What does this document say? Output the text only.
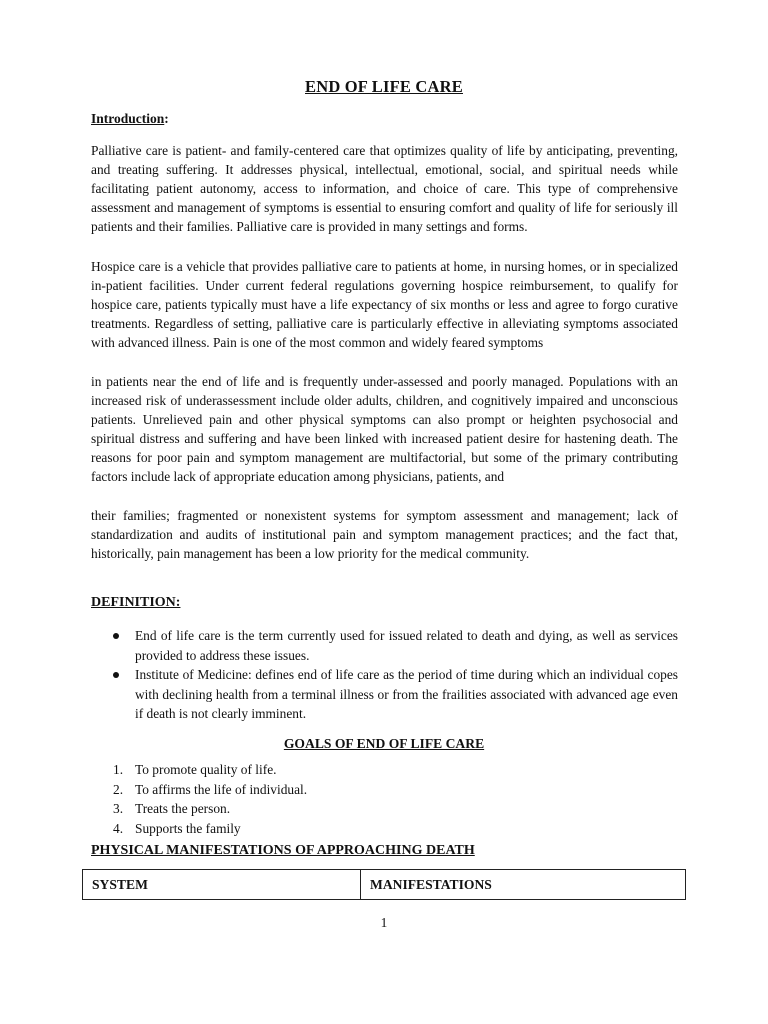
END OF LIFE CARE
Introduction:

Palliative care is patient- and family-centered care that optimizes quality of life by anticipating, preventing, and treating suffering. It addresses physical, intellectual, emotional, social, and spiritual needs while facilitating patient autonomy, access to information, and choice of care. This type of comprehensive assessment and management of symptoms is essential to ensuring comfort and quality of life for seriously ill patients and their families. Palliative care is provided in many settings and forms.

Hospice care is a vehicle that provides palliative care to patients at home, in nursing homes, or in specialized in-patient facilities. Under current federal regulations governing hospice reimbursement, to qualify for hospice care, patients typically must have a life expectancy of six months or less and agree to forgo curative treatments. Regardless of setting, palliative care is particularly effective in alleviating symptoms associated with advanced illness. Pain is one of the most common and widely feared symptoms

in patients near the end of life and is frequently under-assessed and poorly managed. Populations with an increased risk of underassessment include older adults, children, and cognitively impaired and unconscious patients. Unrelieved pain and other physical symptoms can also prompt or heighten psychosocial and spiritual distress and suffering and have been linked with increased patient desire for hastening death. The reasons for poor pain and symptom management are multifactorial, but some of the primary contributing factors include lack of appropriate education among physicians, patients, and

their families; fragmented or nonexistent systems for symptom assessment and management; lack of standardization and audits of institutional pain and symptom management practices; and the fact that, historically, pain management has been a low priority for the medical community.

DEFINITION:
End of life care is the term currently used for issued related to death and dying, as well as services provided to address these issues.
Institute of Medicine: defines end of life care as the period of time during which an individual copes with declining health from a terminal illness or from the frailities associated with advanced age even if death is not clearly imminent.
GOALS OF END OF LIFE CARE
1. To promote quality of life.
2. To affirms the life of individual.
3. Treats the person.
4. Supports the family
PHYSICAL MANIFESTATIONS OF APPROACHING DEATH
SYSTEM	MANIFESTATIONS
1
